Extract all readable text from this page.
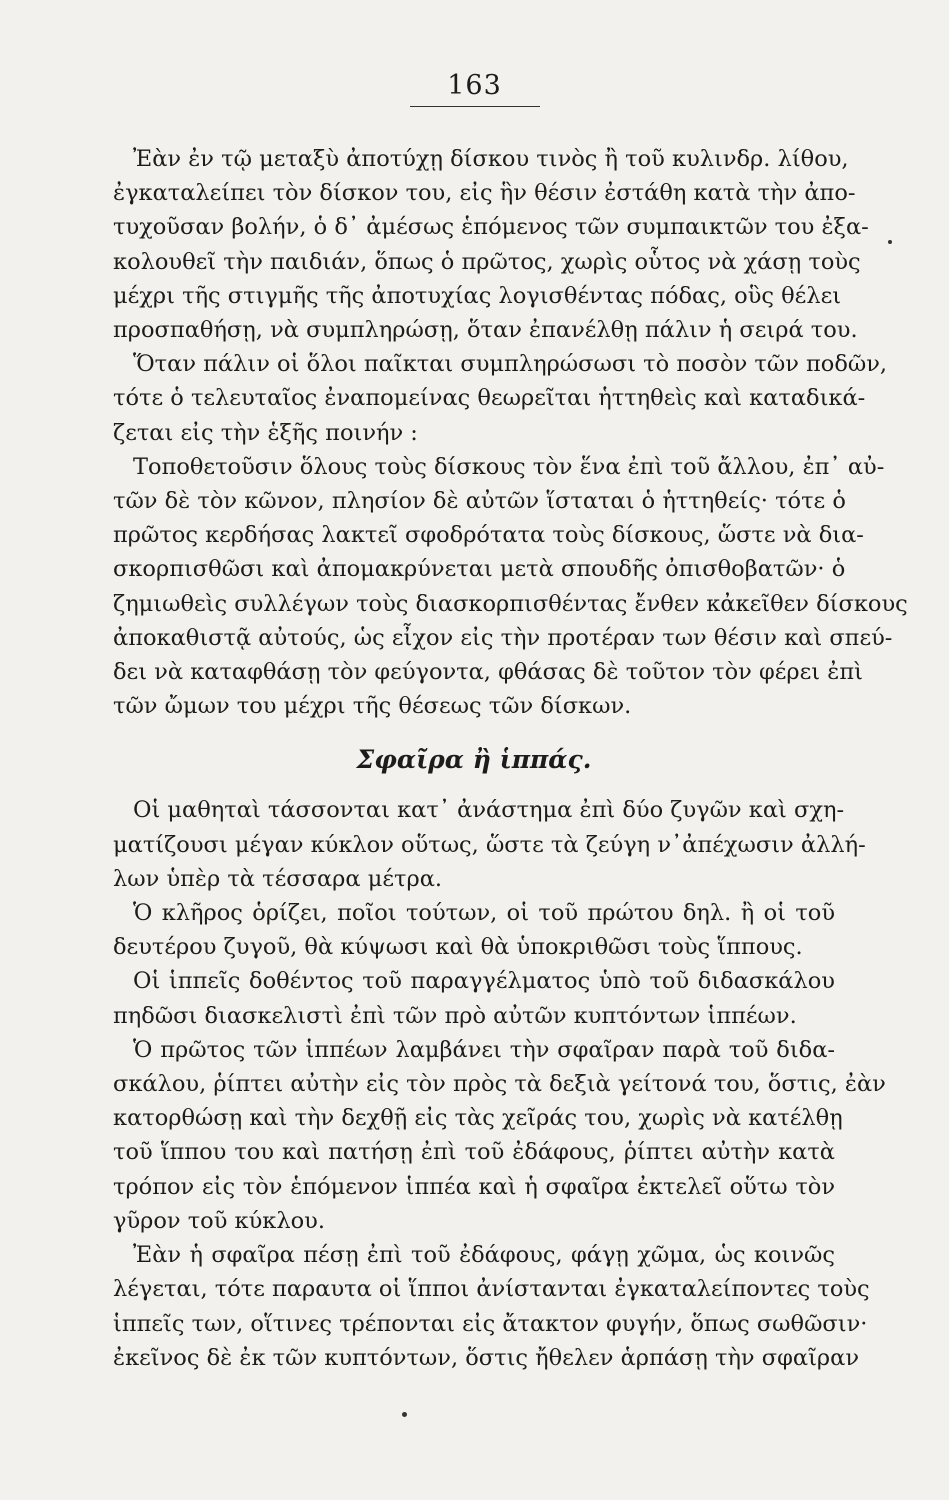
163

Ἐὰν ἐν τῷ μεταξὺ ἀποτύχῃ δίσκου τινὸς ἢ τοῦ κυλινδρ. λίθου,
ἐγκαταλείπει τὸν δίσκον του, εἰς ἣν θέσιν ἐστάθη κατὰ τὴν ἀπο-
τυχοῦσαν βολήν, ὁ δ᾽ ἀμέσως ἑπόμενος τῶν συμπαικτῶν του ἐξα-
κολουθεῖ τὴν παιδιάν, ὅπως ὁ πρῶτος, χωρὶς οὗτος νὰ χάσῃ τοὺς
μέχρι τῆς στιγμῆς τῆς ἀποτυχίας λογισθέντας πόδας, οὓς θέλει
προσπαθήσῃ, νὰ συμπληρώσῃ, ὅταν ἐπανέλθῃ πάλιν ἡ σειρά του.

Ὅταν πάλιν οἱ ὅλοι παῖκται συμπληρώσωσι τὸ ποσὸν τῶν ποδῶν,
τότε ὁ τελευταῖος ἐναπομείνας θεωρεῖται ἡττηθεὶς καὶ καταδικά-
ζεται εἰς τὴν ἑξῆς ποινήν :

Τοποθετοῦσιν ὅλους τοὺς δίσκους τὸν ἕνα ἐπὶ τοῦ ἄλλου, ἐπ᾽ αὐ-
τῶν δὲ τὸν κῶνον, πλησίον δὲ αὐτῶν ἵσταται ὁ ἡττηθείς· τότε ὁ
πρῶτος κερδήσας λακτεῖ σφοδρότατα τοὺς δίσκους, ὥστε νὰ δια-
σκορπισθῶσι καὶ ἀπομακρύνεται μετὰ σπουδῆς ὀπισθοβατῶν· ὁ
ζημιωθεὶς συλλέγων τοὺς διασκορπισθέντας ἔνθεν κἀκεῖθεν δίσκους
ἀποκαθιστᾷ αὐτούς, ὡς εἶχον εἰς τὴν προτέραν των θέσιν καὶ σπεύ-
δει νὰ καταφθάσῃ τὸν φεύγοντα, φθάσας δὲ τοῦτον τὸν φέρει ἐπὶ
τῶν ὤμων του μέχρι τῆς θέσεως τῶν δίσκων.

Σφαῖρα ἢ ἱππάς.

Οἱ μαθηταὶ τάσσονται κατ᾽ ἀνάστημα ἐπὶ δύο ζυγῶν καὶ σχη-
ματίζουσι μέγαν κύκλον οὕτως, ὥστε τὰ ζεύγη ν᾽ἀπέχωσιν ἀλλή-
λων ὑπὲρ τὰ τέσσαρα μέτρα.

Ὁ κλῆρος ὁρίζει, ποῖοι τούτων, οἱ τοῦ πρώτου δηλ. ἢ οἱ τοῦ
δευτέρου ζυγοῦ, θὰ κύψωσι καὶ θὰ ὑποκριθῶσι τοὺς ἵππους.

Οἱ ἱππεῖς δοθέντος τοῦ παραγγέλματος ὑπὸ τοῦ διδασκάλου
πηδῶσι διασκελιστὶ ἐπὶ τῶν πρὸ αὐτῶν κυπτόντων ἱππέων.

Ὁ πρῶτος τῶν ἱππέων λαμβάνει τὴν σφαῖραν παρὰ τοῦ διδα-
σκάλου, ῥίπτει αὐτὴν εἰς τὸν πρὸς τὰ δεξιὰ γείτονά του, ὅστις, ἐὰν
κατορθώσῃ καὶ τὴν δεχθῇ εἰς τὰς χεῖράς του, χωρὶς νὰ κατέλθῃ
τοῦ ἵππου του καὶ πατήσῃ ἐπὶ τοῦ ἐδάφους, ῥίπτει αὐτὴν κατὰ
τρόπον εἰς τὸν ἑπόμενον ἱππέα καὶ ἡ σφαῖρα ἐκτελεῖ οὕτω τὸν
γῦρον τοῦ κύκλου.

Ἐὰν ἡ σφαῖρα πέσῃ ἐπὶ τοῦ ἐδάφους, φάγῃ χῶμα, ὡς κοινῶς
λέγεται, τότε παραυτα οἱ ἵπποι ἀνίστανται ἐγκαταλείποντες τοὺς
ἱππεῖς των, οἵτινες τρέπονται εἰς ἄτακτον φυγήν, ὅπως σωθῶσιν·
ἐκεῖνος δὲ ἐκ τῶν κυπτόντων, ὅστις ἤθελεν ἁρπάσῃ τὴν σφαῖραν
